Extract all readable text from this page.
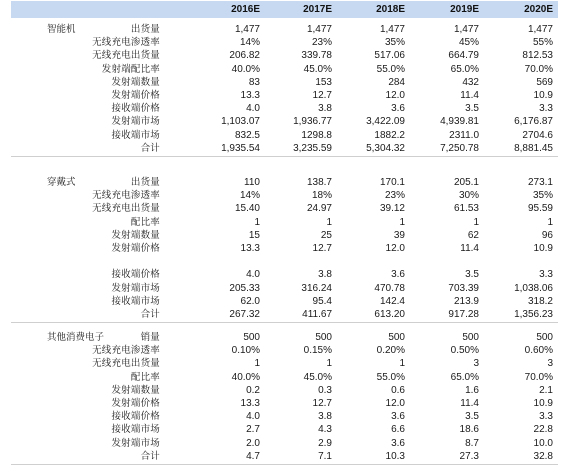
2016E	2017E	2018E	2019E	2020E
智能机	出货量	1,477	1,477	1,477	1,477	1,477
无线充电渗透率	14%	23%	35%	45%	55%
无线充电出货量	206.82	339.78	517.06	664.79	812.53
发射端配比率	40.0%	45.0%	55.0%	65.0%	70.0%
发射端数量	83	153	284	432	569
发射端价格	13.3	12.7	12.0	11.4	10.9
接收端价格	4.0	3.8	3.6	3.5	3.3
发射端市场	1,103.07	1,936.77	3,422.09	4,939.81	6,176.87
接收端市场	832.5	1298.8	1882.2	2311.0	2704.6
合计	1,935.54	3,235.59	5,304.32	7,250.78	8,881.45
穿戴式	出货量	110	138.7	170.1	205.1	273.1
无线充电渗透率	14%	18%	23%	30%	35%
无线充电出货量	15.40	24.97	39.12	61.53	95.59
配比率	1	1	1	1	1
发射端数量	15	25	39	62	96
发射端价格	13.3	12.7	12.0	11.4	10.9
接收端价格	4.0	3.8	3.6	3.5	3.3
发射端市场	205.33	316.24	470.78	703.39	1,038.06
接收端市场	62.0	95.4	142.4	213.9	318.2
合计	267.32	411.67	613.20	917.28	1,356.23
其他消费电子	销量	500	500	500	500	500
无线充电渗透率	0.10%	0.15%	0.20%	0.50%	0.60%
无线充电出货量	1	1	1	3	3
配比率	40.0%	45.0%	55.0%	65.0%	70.0%
发射端数量	0.2	0.3	0.6	1.6	2.1
发射端价格	13.3	12.7	12.0	11.4	10.9
接收端价格	4.0	3.8	3.6	3.5	3.3
接收端市场	2.7	4.3	6.6	18.6	22.8
发射端市场	2.0	2.9	3.6	8.7	10.0
合计	4.7	7.1	10.3	27.3	32.8
